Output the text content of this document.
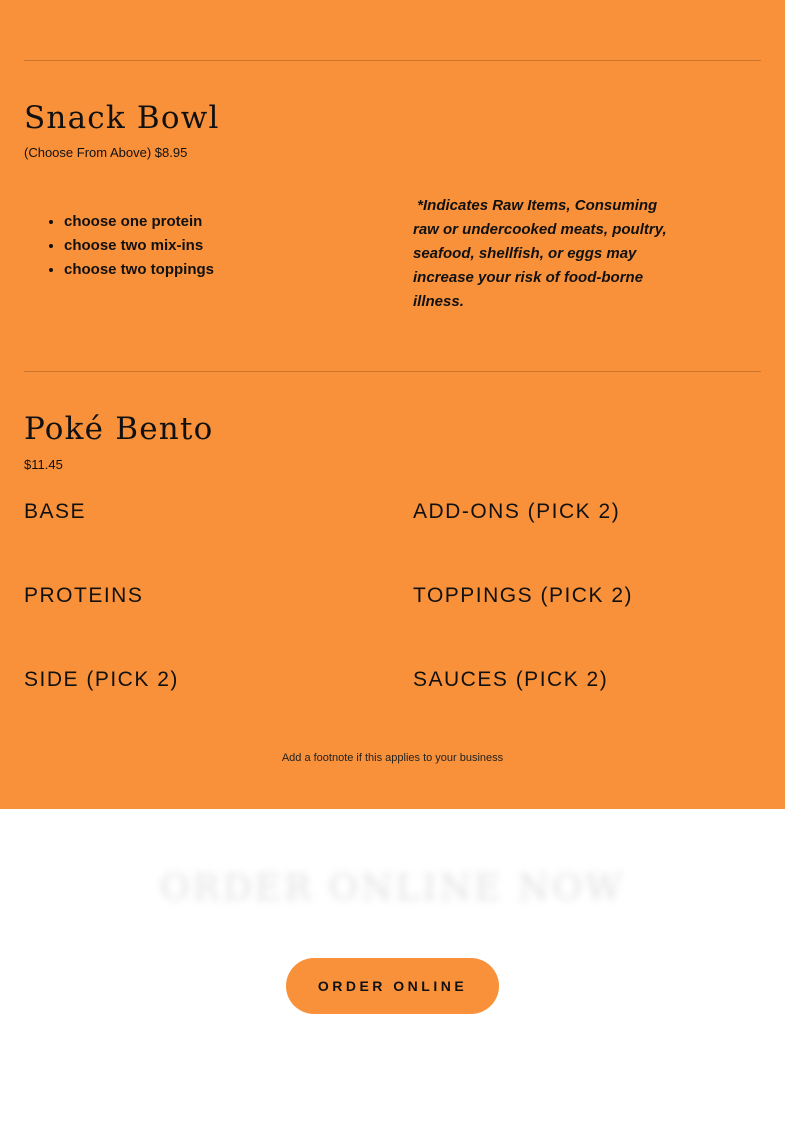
Snack Bowl

(Choose From Above) $8.95

• choose one protein
• choose two mix-ins
• choose two toppings

*Indicates Raw Items, Consuming raw or undercooked meats, poultry, seafood, shellfish, or eggs may increase your risk of food-borne illness.

Poké Bento

$11.45

BASE	ADD-ONS (PICK 2)
PROTEINS	TOPPINGS (PICK 2)
SIDE (PICK 2)	SAUCES (PICK 2)

Add a footnote if this applies to your business

ORDER ONLINE NOW
ORDER ONLINE
